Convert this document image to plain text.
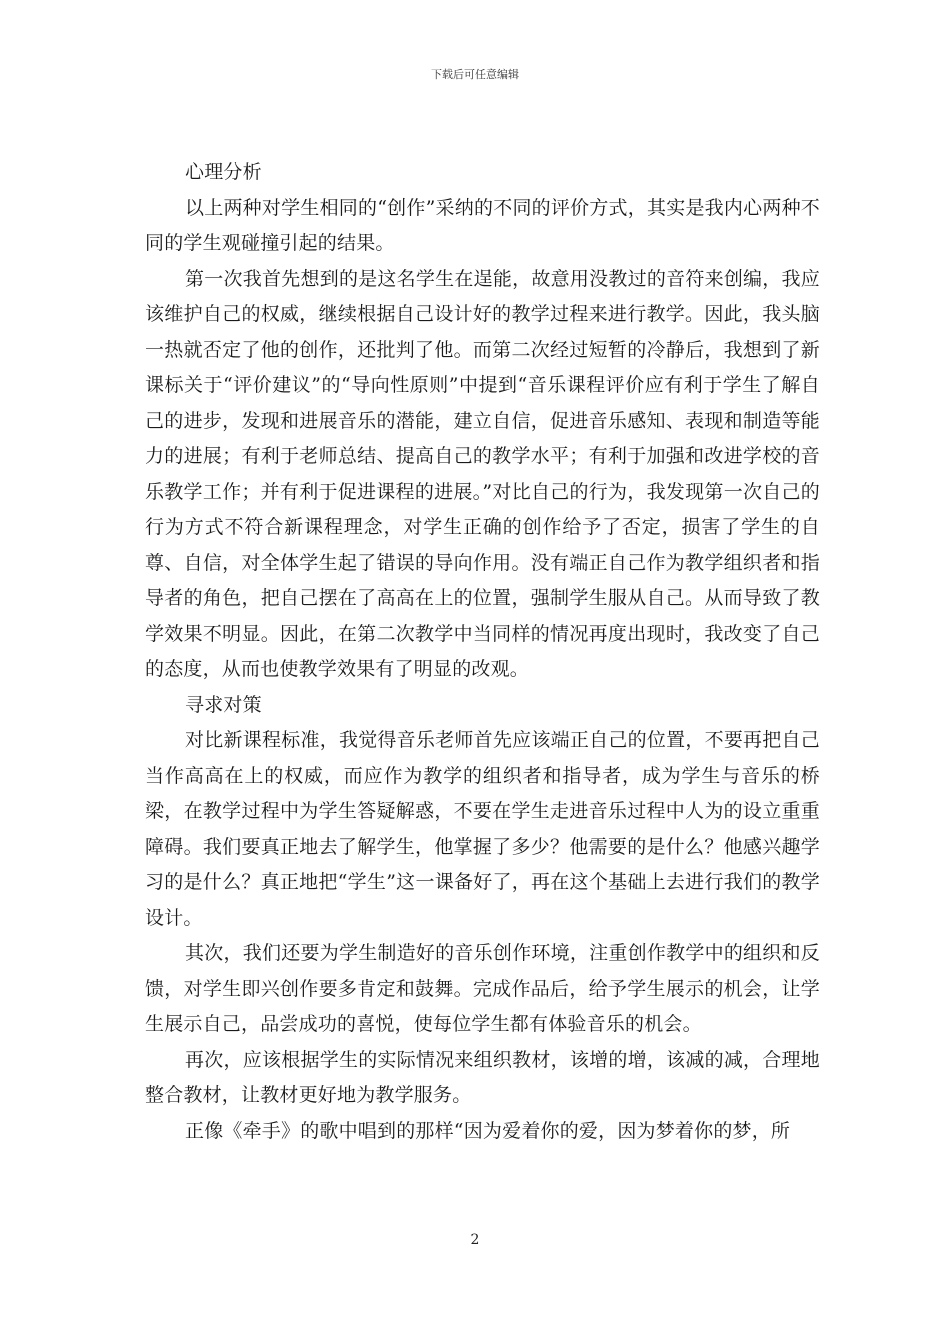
下载后可任意编辑

心理分析

以上两种对学生相同的“创作”采纳的不同的评价方式，其实是我内心两种不同的学生观碰撞引起的结果。

第一次我首先想到的是这名学生在逞能，故意用没教过的音符来创编，我应该维护自己的权威，继续根据自己设计好的教学过程来进行教学。因此，我头脑一热就否定了他的创作，还批判了他。而第二次经过短暂的冷静后，我想到了新课标关于“评价建议”的“导向性原则”中提到“音乐课程评价应有利于学生了解自己的进步，发现和进展音乐的潜能，建立自信，促进音乐感知、表现和制造等能力的进展；有利于老师总结、提高自己的教学水平；有利于加强和改进学校的音乐教学工作；并有利于促进课程的进展。”对比自己的行为，我发现第一次自己的行为方式不符合新课程理念，对学生正确的创作给予了否定，损害了学生的自尊、自信，对全体学生起了错误的导向作用。没有端正自己作为教学组织者和指导者的角色，把自己摆在了高高在上的位置，强制学生服从自己。从而导致了教学效果不明显。因此，在第二次教学中当同样的情况再度出现时，我改变了自己的态度，从而也使教学效果有了明显的改观。

寻求对策

对比新课程标准，我觉得音乐老师首先应该端正自己的位置，不要再把自己当作高高在上的权威，而应作为教学的组织者和指导者，成为学生与音乐的桥梁，在教学过程中为学生答疑解惑，不要在学生走进音乐过程中人为的设立重重障碍。我们要真正地去了解学生，他掌握了多少？他需要的是什么？他感兴趣学习的是什么？真正地把“学生”这一课备好了，再在这个基础上去进行我们的教学设计。

其次，我们还要为学生制造好的音乐创作环境，注重创作教学中的组织和反馈，对学生即兴创作要多肯定和鼓舞。完成作品后，给予学生展示的机会，让学生展示自己，品尝成功的喜悦，使每位学生都有体验音乐的机会。

再次，应该根据学生的实际情况来组织教材，该增的增，该减的减，合理地整合教材，让教材更好地为教学服务。

正像《牵手》的歌中唱到的那样“因为爱着你的爱，因为梦着你的梦，所

2
